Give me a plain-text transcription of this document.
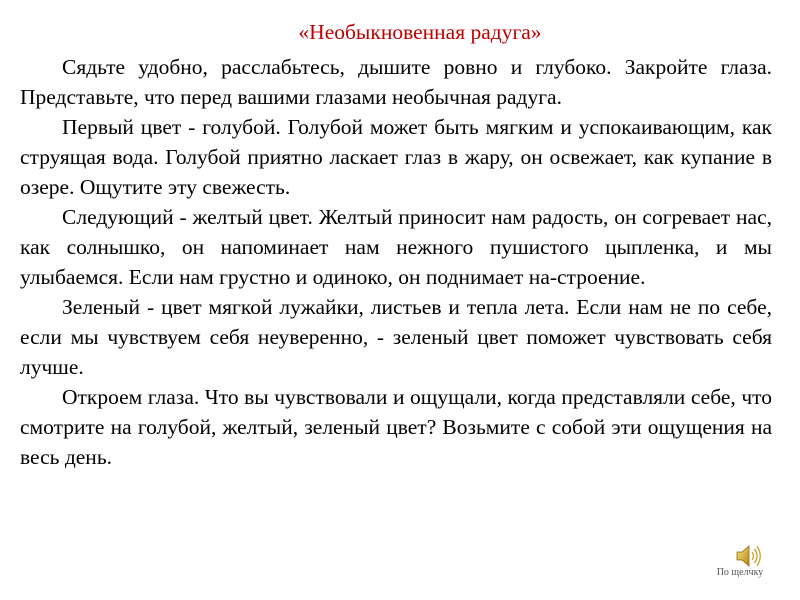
«Необыкновенная радуга»

Сядьте удобно, расслабьтесь, дышите ровно и глубоко. Закройте глаза. Представьте, что перед вашими глазами необычная радуга.

Первый цвет - голубой. Голубой может быть мягким и успокаивающим, как струящая вода. Голубой приятно ласкает глаз в жару, он освежает, как купание в озере. Ощутите эту свежесть.

Следующий - желтый цвет. Желтый приносит нам радость, он согревает нас, как солнышко, он напоминает нам нежного пушистого цыпленка, и мы улыбаемся. Если нам грустно и одиноко, он поднимает на-строение.

Зеленый - цвет мягкой лужайки, листьев и тепла лета. Если нам не по себе, если мы чувствуем себя неуверенно, - зеленый цвет поможет чувствовать себя лучше.

Откроем глаза. Что вы чувствовали и ощущали, когда представляли себе, что смотрите на голубой, желтый, зеленый цвет? Возьмите с собой эти ощущения на весь день.

По щелчку
